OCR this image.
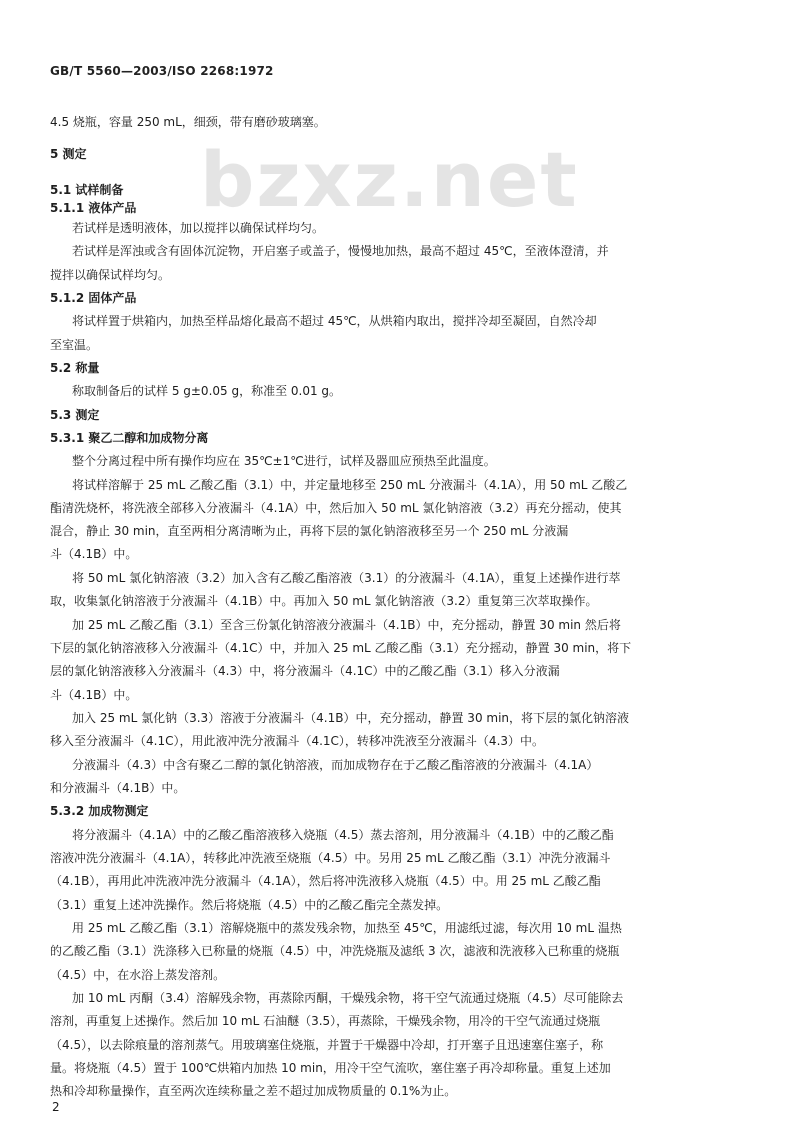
GB/T 5560—2003/ISO 2268:1972
bzxz.net
4.5 烧瓶，容量 250 mL，细颈，带有磨砂玻璃塞。
5 测定
5.1 试样制备
5.1.1 液体产品
若试样是透明液体，加以搅拌以确保试样均匀。
若试样是浑浊或含有固体沉淀物，开启塞子或盖子，慢慢地加热，最高不超过 45℃，至液体澄清，并
搅拌以确保试样均匀。
5.1.2 固体产品
将试样置于烘箱内，加热至样品熔化最高不超过 45℃，从烘箱内取出，搅拌冷却至凝固，自然冷却
至室温。
5.2 称量
称取制备后的试样 5 g±0.05 g，称准至 0.01 g。
5.3 测定
5.3.1 聚乙二醇和加成物分离
整个分离过程中所有操作均应在 35℃±1℃进行，试样及器皿应预热至此温度。
将试样溶解于 25 mL 乙酸乙酯（3.1）中，并定量地移至 250 mL 分液漏斗（4.1A），用 50 mL 乙酸乙
酯清洗烧杯，将洗液全部移入分液漏斗（4.1A）中，然后加入 50 mL 氯化钠溶液（3.2）再充分摇动，使其
混合，静止 30 min，直至两相分离清晰为止，再将下层的氯化钠溶液移至另一个 250 mL 分液漏
斗（4.1B）中。
将 50 mL 氯化钠溶液（3.2）加入含有乙酸乙酯溶液（3.1）的分液漏斗（4.1A），重复上述操作进行萃
取，收集氯化钠溶液于分液漏斗（4.1B）中。再加入 50 mL 氯化钠溶液（3.2）重复第三次萃取操作。
加 25 mL 乙酸乙酯（3.1）至含三份氯化钠溶液分液漏斗（4.1B）中，充分摇动，静置 30 min 然后将
下层的氯化钠溶液移入分液漏斗（4.1C）中，并加入 25 mL 乙酸乙酯（3.1）充分摇动，静置 30 min，将下
层的氯化钠溶液移入分液漏斗（4.3）中，将分液漏斗（4.1C）中的乙酸乙酯（3.1）移入分液漏
斗（4.1B）中。
加入 25 mL 氯化钠（3.3）溶液于分液漏斗（4.1B）中，充分摇动，静置 30 min，将下层的氯化钠溶液
移入至分液漏斗（4.1C），用此液冲洗分液漏斗（4.1C），转移冲洗液至分液漏斗（4.3）中。
分液漏斗（4.3）中含有聚乙二醇的氯化钠溶液，而加成物存在于乙酸乙酯溶液的分液漏斗（4.1A）
和分液漏斗（4.1B）中。
5.3.2 加成物测定
将分液漏斗（4.1A）中的乙酸乙酯溶液移入烧瓶（4.5）蒸去溶剂，用分液漏斗（4.1B）中的乙酸乙酯
溶液冲洗分液漏斗（4.1A），转移此冲洗液至烧瓶（4.5）中。另用 25 mL 乙酸乙酯（3.1）冲洗分液漏斗
（4.1B），再用此冲洗液冲洗分液漏斗（4.1A），然后将冲洗液移入烧瓶（4.5）中。用 25 mL 乙酸乙酯
（3.1）重复上述冲洗操作。然后将烧瓶（4.5）中的乙酸乙酯完全蒸发掉。
用 25 mL 乙酸乙酯（3.1）溶解烧瓶中的蒸发残余物，加热至 45℃，用滤纸过滤，每次用 10 mL 温热
的乙酸乙酯（3.1）洗涤移入已称量的烧瓶（4.5）中，冲洗烧瓶及滤纸 3 次，滤液和洗液移入已称重的烧瓶
（4.5）中，在水浴上蒸发溶剂。
加 10 mL 丙酮（3.4）溶解残余物，再蒸除丙酮，干燥残余物，将干空气流通过烧瓶（4.5）尽可能除去
溶剂，再重复上述操作。然后加 10 mL 石油醚（3.5），再蒸除，干燥残余物，用冷的干空气流通过烧瓶
（4.5），以去除痕量的溶剂蒸气。用玻璃塞住烧瓶，并置于干燥器中冷却，打开塞子且迅速塞住塞子，称
量。将烧瓶（4.5）置于 100℃烘箱内加热 10 min，用冷干空气流吹，塞住塞子再冷却称量。重复上述加
热和冷却称量操作，直至两次连续称量之差不超过加成物质量的 0.1%为止。
2
